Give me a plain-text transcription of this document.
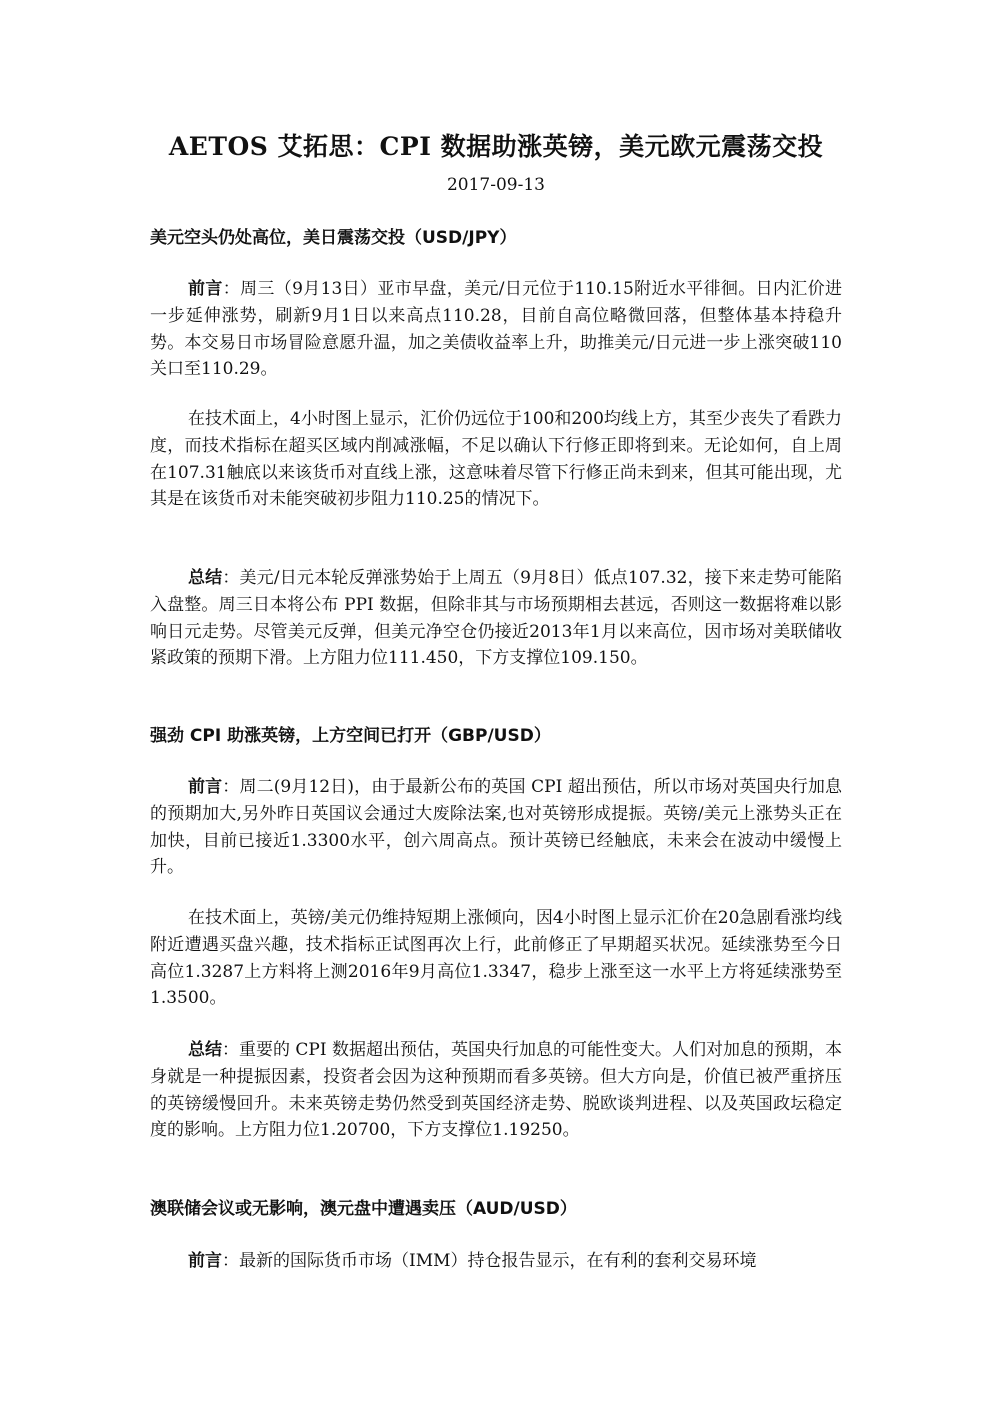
AETOS 艾拓思：CPI 数据助涨英镑，美元欧元震荡交投
2017-09-13
美元空头仍处高位，美日震荡交投（USD/JPY）
前言：周三（9月13日）亚市早盘，美元/日元位于110.15附近水平徘徊。日内汇价进一步延伸涨势，刷新9月1日以来高点110.28，目前自高位略微回落，但整体基本持稳升势。本交易日市场冒险意愿升温，加之美债收益率上升，助推美元/日元进一步上涨突破110关口至110.29。
在技术面上，4小时图上显示，汇价仍远位于100和200均线上方，其至少丧失了看跌力度，而技术指标在超买区域内削减涨幅，不足以确认下行修正即将到来。无论如何，自上周在107.31触底以来该货币对直线上涨，这意味着尽管下行修正尚未到来，但其可能出现，尤其是在该货币对未能突破初步阻力110.25的情况下。
总结：美元/日元本轮反弹涨势始于上周五（9月8日）低点107.32，接下来走势可能陷入盘整。周三日本将公布 PPI 数据，但除非其与市场预期相去甚远，否则这一数据将难以影响日元走势。尽管美元反弹，但美元净空仓仍接近2013年1月以来高位，因市场对美联储收紧政策的预期下滑。上方阻力位111.450，下方支撑位109.150。
强劲 CPI 助涨英镑，上方空间已打开（GBP/USD）
前言：周二(9月12日)，由于最新公布的英国 CPI 超出预估，所以市场对英国央行加息的预期加大,另外昨日英国议会通过大废除法案,也对英镑形成提振。英镑/美元上涨势头正在加快，目前已接近1.3300水平，创六周高点。预计英镑已经触底，未来会在波动中缓慢上升。
在技术面上，英镑/美元仍维持短期上涨倾向，因4小时图上显示汇价在20急剧看涨均线附近遭遇买盘兴趣，技术指标正试图再次上行，此前修正了早期超买状况。延续涨势至今日高位1.3287上方料将上测2016年9月高位1.3347，稳步上涨至这一水平上方将延续涨势至1.3500。
总结：重要的 CPI 数据超出预估，英国央行加息的可能性变大。人们对加息的预期，本身就是一种提振因素，投资者会因为这种预期而看多英镑。但大方向是，价值已被严重挤压的英镑缓慢回升。未来英镑走势仍然受到英国经济走势、脱欧谈判进程、以及英国政坛稳定度的影响。上方阻力位1.20700，下方支撑位1.19250。
澳联储会议或无影响，澳元盘中遭遇卖压（AUD/USD）
前言：最新的国际货币市场（IMM）持仓报告显示，在有利的套利交易环境
